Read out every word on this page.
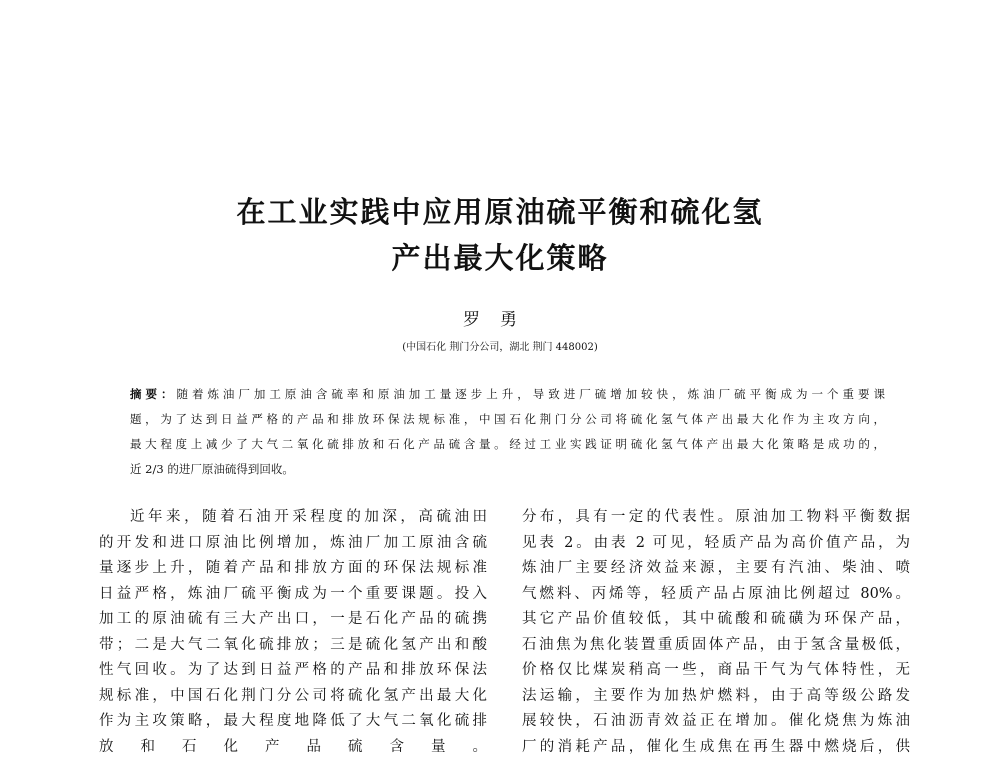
在工业实践中应用原油硫平衡和硫化氢
产出最大化策略
罗勇
(中国石化 荆门分公司，湖北 荆门 448002)
摘要：随着炼油厂加工原油含硫率和原油加工量逐步上升，导致进厂硫增加较快，炼油厂硫平衡成为一个重要课
题，为了达到日益严格的产品和排放环保法规标准，中国石化荆门分公司将硫化氢气体产出最大化作为主攻方向，
最大程度上减少了大气二氧化硫排放和石化产品硫含量。经过工业实践证明硫化氢气体产出最大化策略是成功的，
近 2/3 的进厂原油硫得到回收。
近年来，随着石油开采程度的加深，高硫油田
的开发和进口原油比例增加，炼油厂加工原油含硫
量逐步上升，随着产品和排放方面的环保法规标准
日益严格，炼油厂硫平衡成为一个重要课题。投入
加工的原油硫有三大产出口，一是石化产品的硫携
带；二是大气二氧化硫排放；三是硫化氢产出和酸
性气回收。为了达到日益严格的产品和排放环保法
规标准，中国石化荆门分公司将硫化氢产出最大化
作为主攻策略，最大程度地降低了大气二氧化硫排
放和石化产品硫含量。
分布，具有一定的代表性。原油加工物料平衡数据
见表 2。由表 2 可见，轻质产品为高价值产品，为
炼油厂主要经济效益来源，主要有汽油、柴油、喷
气燃料、丙烯等，轻质产品占原油比例超过 80%。
其它产品价值较低，其中硫酸和硫磺为环保产品，
石油焦为焦化装置重质固体产品，由于氢含量极低，
价格仅比煤炭稍高一些，商品干气为气体特性，无
法运输，主要作为加热炉燃料，由于高等级公路发
展较快，石油沥青效益正在增加。催化烧焦为炼油
厂的消耗产品，催化生成焦在再生器中燃烧后，供
